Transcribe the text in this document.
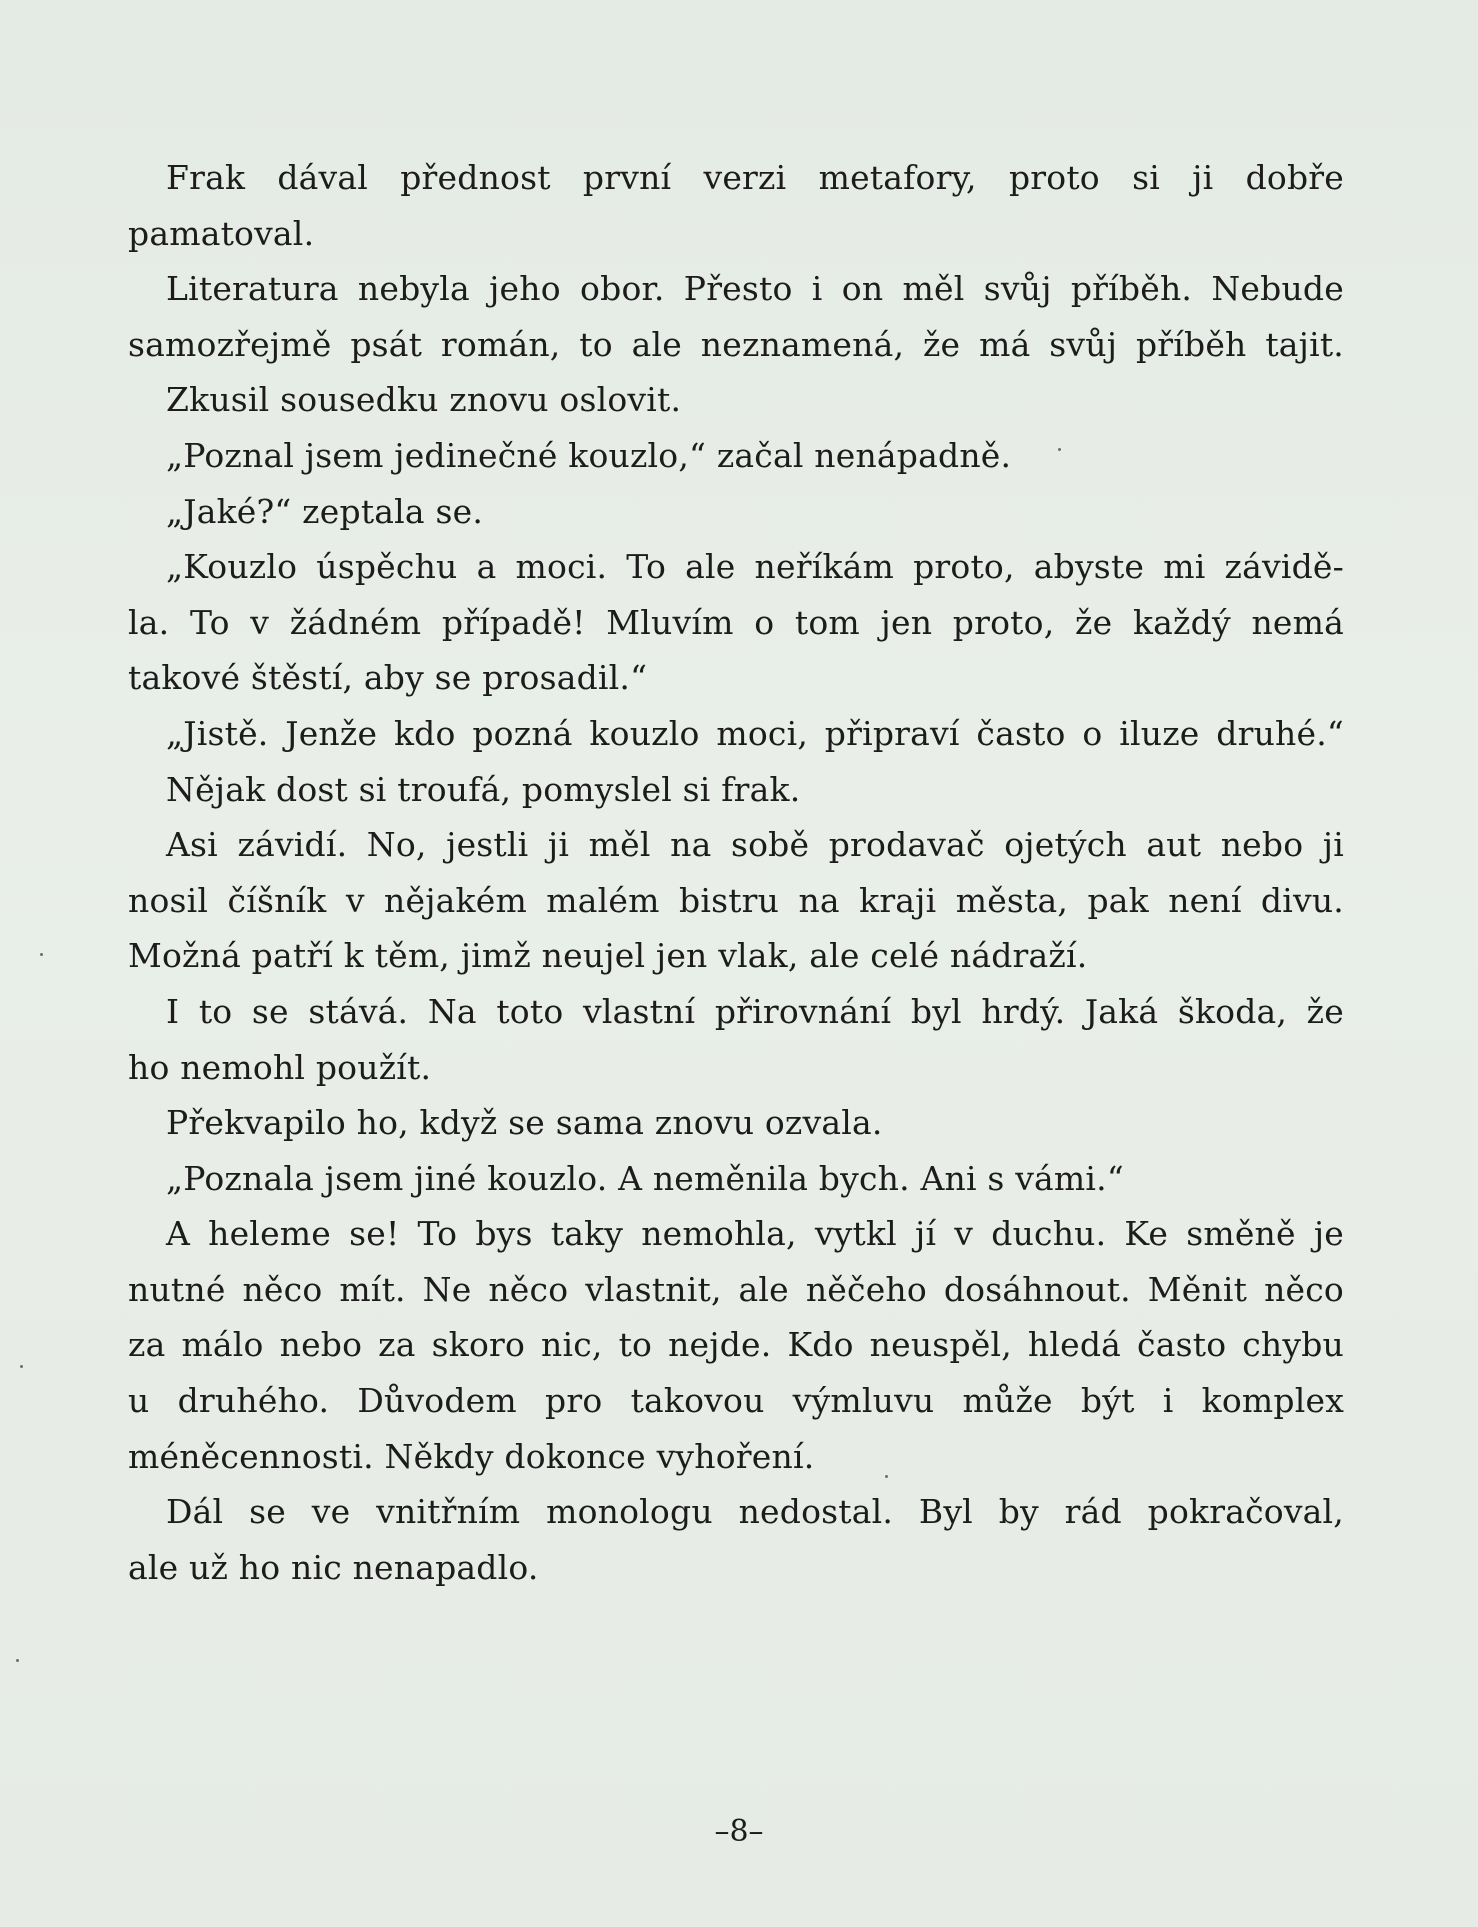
Frak dával přednost první verzi metafory, proto si ji dobře
pamatoval.
Literatura nebyla jeho obor. Přesto i on měl svůj příběh. Nebude
samozřejmě psát román, to ale neznamená, že má svůj příběh tajit.
Zkusil sousedku znovu oslovit.
„Poznal jsem jedinečné kouzlo,“ začal nenápadně.
„Jaké?“ zeptala se.
„Kouzlo úspěchu a moci. To ale neříkám proto, abyste mi závidě-
la. To v žádném případě! Mluvím o tom jen proto, že každý nemá
takové štěstí, aby se prosadil.“
„Jistě. Jenže kdo pozná kouzlo moci, připraví často o iluze druhé.“
Nějak dost si troufá, pomyslel si frak.
Asi závidí. No, jestli ji měl na sobě prodavač ojetých aut nebo ji
nosil číšník v nějakém malém bistru na kraji města, pak není divu.
Možná patří k těm, jimž neujel jen vlak, ale celé nádraží.
I to se stává. Na toto vlastní přirovnání byl hrdý. Jaká škoda, že
ho nemohl použít.
Překvapilo ho, když se sama znovu ozvala.
„Poznala jsem jiné kouzlo. A neměnila bych. Ani s vámi.“
A heleme se! To bys taky nemohla, vytkl jí v duchu. Ke směně je
nutné něco mít. Ne něco vlastnit, ale něčeho dosáhnout. Měnit něco
za málo nebo za skoro nic, to nejde. Kdo neuspěl, hledá často chybu
u druhého. Důvodem pro takovou výmluvu může být i komplex
méněcennosti. Někdy dokonce vyhoření.
Dál se ve vnitřním monologu nedostal. Byl by rád pokračoval,
ale už ho nic nenapadlo.
–8–
